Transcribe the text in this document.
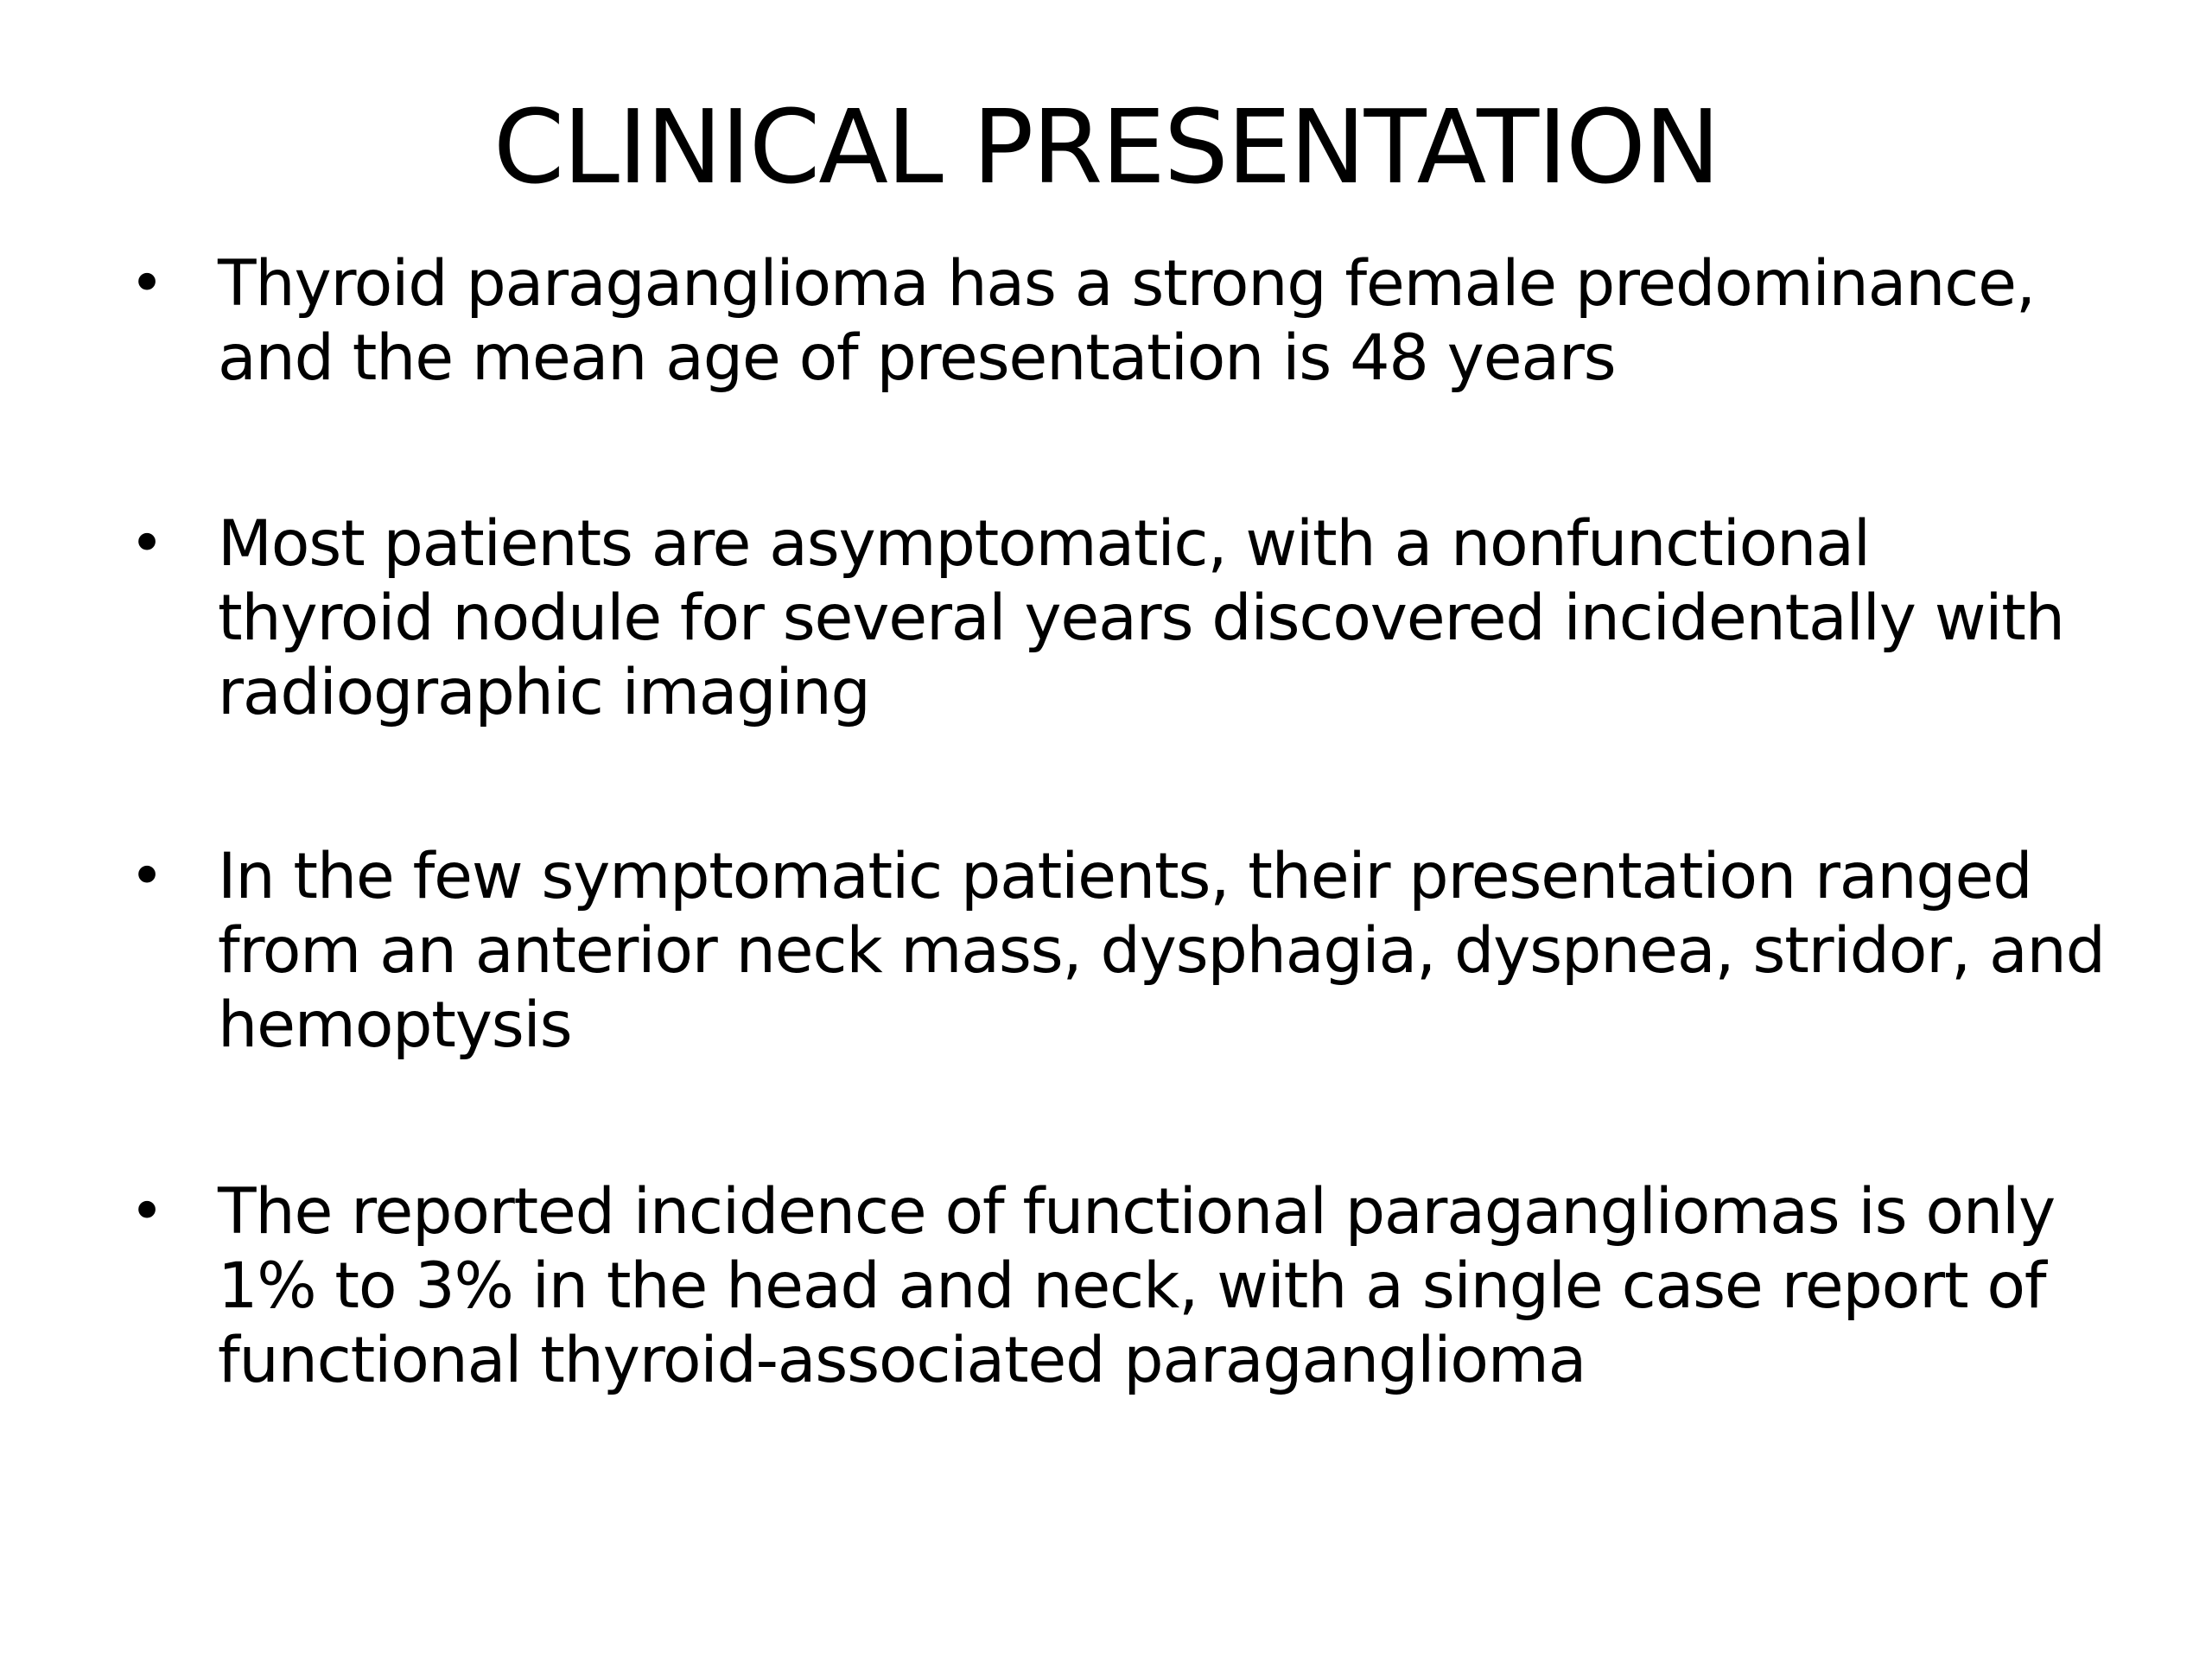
CLINICAL PRESENTATION
• Thyroid paraganglioma has a strong female predominance,
and the mean age of presentation is 48 years
• Most patients are asymptomatic, with a nonfunctional
thyroid nodule for several years discovered incidentally with
radiographic imaging
• In the few symptomatic patients, their presentation ranged
from an anterior neck mass, dysphagia, dyspnea, stridor, and
hemoptysis
• The reported incidence of functional paragangliomas is only
1% to 3% in the head and neck, with a single case report of
functional thyroid-associated paraganglioma
